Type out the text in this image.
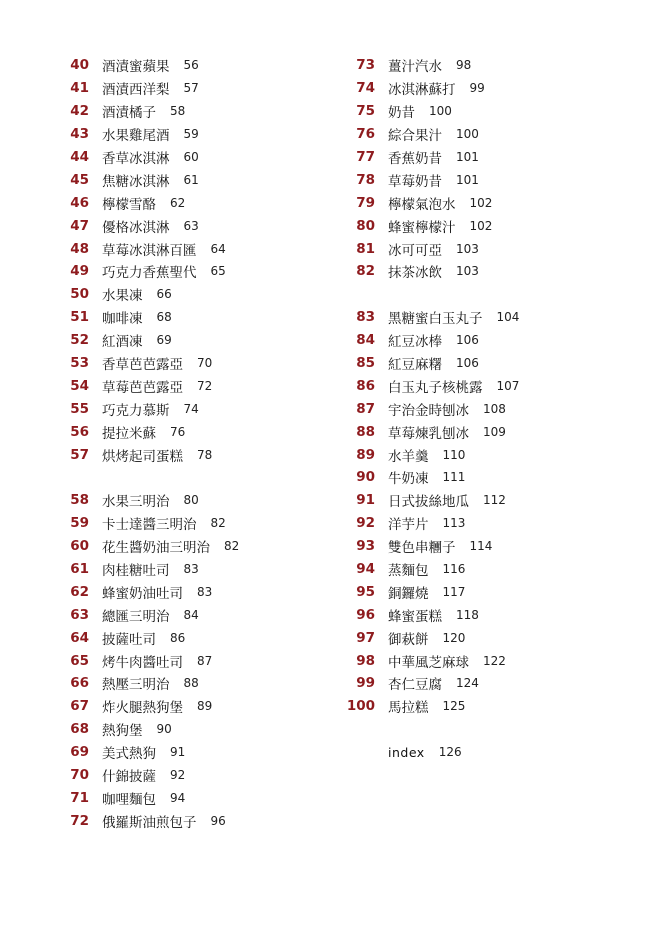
40 酒漬蜜蘋果 56
41 酒漬西洋梨 57
42 酒漬橘子 58
43 水果雞尾酒 59
44 香草冰淇淋 60
45 焦糖冰淇淋 61
46 檸檬雪酪 62
47 優格冰淇淋 63
48 草莓冰淇淋百匯 64
49 巧克力香蕉聖代 65
50 水果凍 66
51 咖啡凍 68
52 紅酒凍 69
53 香草芭芭露亞 70
54 草莓芭芭露亞 72
55 巧克力慕斯 74
56 提拉米蘇 76
57 烘烤起司蛋糕 78
58 水果三明治 80
59 卡士達醬三明治 82
60 花生醬奶油三明治 82
61 肉桂糖吐司 83
62 蜂蜜奶油吐司 83
63 總匯三明治 84
64 披薩吐司 86
65 烤牛肉醬吐司 87
66 熱壓三明治 88
67 炸火腿熱狗堡 89
68 熱狗堡 90
69 美式熱狗 91
70 什錦披薩 92
71 咖哩麵包 94
72 俄羅斯油煎包子 96
73 薑汁汽水 98
74 冰淇淋蘇打 99
75 奶昔 100
76 綜合果汁 100
77 香蕉奶昔 101
78 草莓奶昔 101
79 檸檬氣泡水 102
80 蜂蜜檸檬汁 102
81 冰可可亞 103
82 抹茶冰飲 103
83 黑糖蜜白玉丸子 104
84 紅豆冰棒 106
85 紅豆麻糬 106
86 白玉丸子核桃露 107
87 宇治金時刨冰 108
88 草莓煉乳刨冰 109
89 水羊羹 110
90 牛奶凍 111
91 日式拔絲地瓜 112
92 洋芋片 113
93 雙色串糰子 114
94 蒸麵包 116
95 銅鑼燒 117
96 蜂蜜蛋糕 118
97 御萩餅 120
98 中華風芝麻球 122
99 杏仁豆腐 124
100 馬拉糕 125
index 126
